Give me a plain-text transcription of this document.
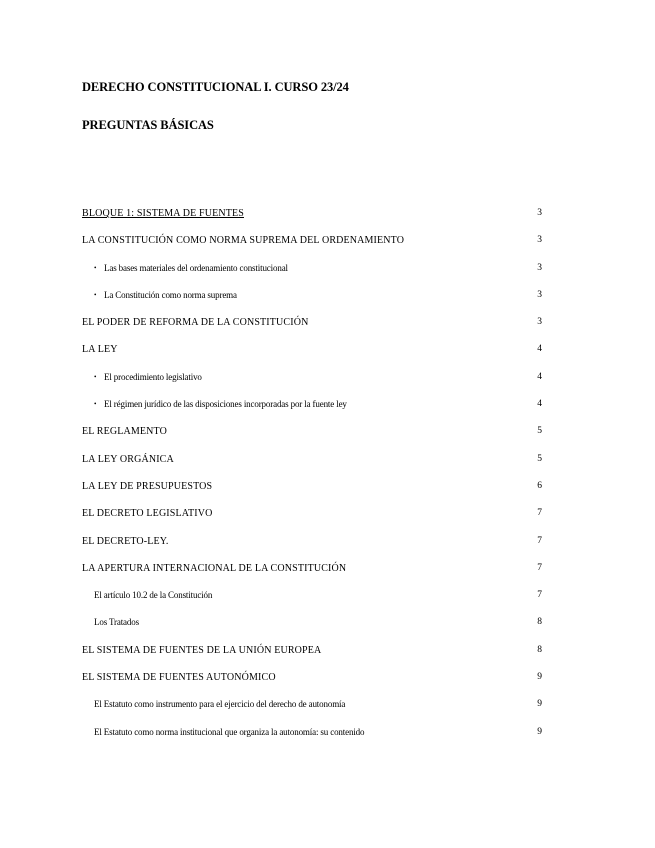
DERECHO CONSTITUCIONAL I. CURSO 23/24
PREGUNTAS BÁSICAS
BLOQUE 1: SISTEMA DE FUENTES	3
LA CONSTITUCIÓN COMO NORMA SUPREMA DEL ORDENAMIENTO	3
• Las bases materiales del ordenamiento constitucional	3
• La Constitución como norma suprema	3
EL PODER DE REFORMA DE LA CONSTITUCIÓN	3
LA LEY	4
• El procedimiento legislativo	4
• El régimen jurídico de las disposiciones incorporadas por la fuente ley	4
EL REGLAMENTO	5
LA LEY ORGÁNICA	5
LA LEY DE PRESUPUESTOS	6
EL DECRETO LEGISLATIVO	7
EL DECRETO-LEY.	7
LA APERTURA INTERNACIONAL DE LA CONSTITUCIÓN	7
El artículo 10.2 de la Constitución	7
Los Tratados	8
EL SISTEMA DE FUENTES DE LA UNIÓN EUROPEA	8
EL SISTEMA DE FUENTES AUTONÓMICO	9
El Estatuto como instrumento para el ejercicio del derecho de autonomía	9
El Estatuto como norma institucional que organiza la autonomía: su contenido	9
